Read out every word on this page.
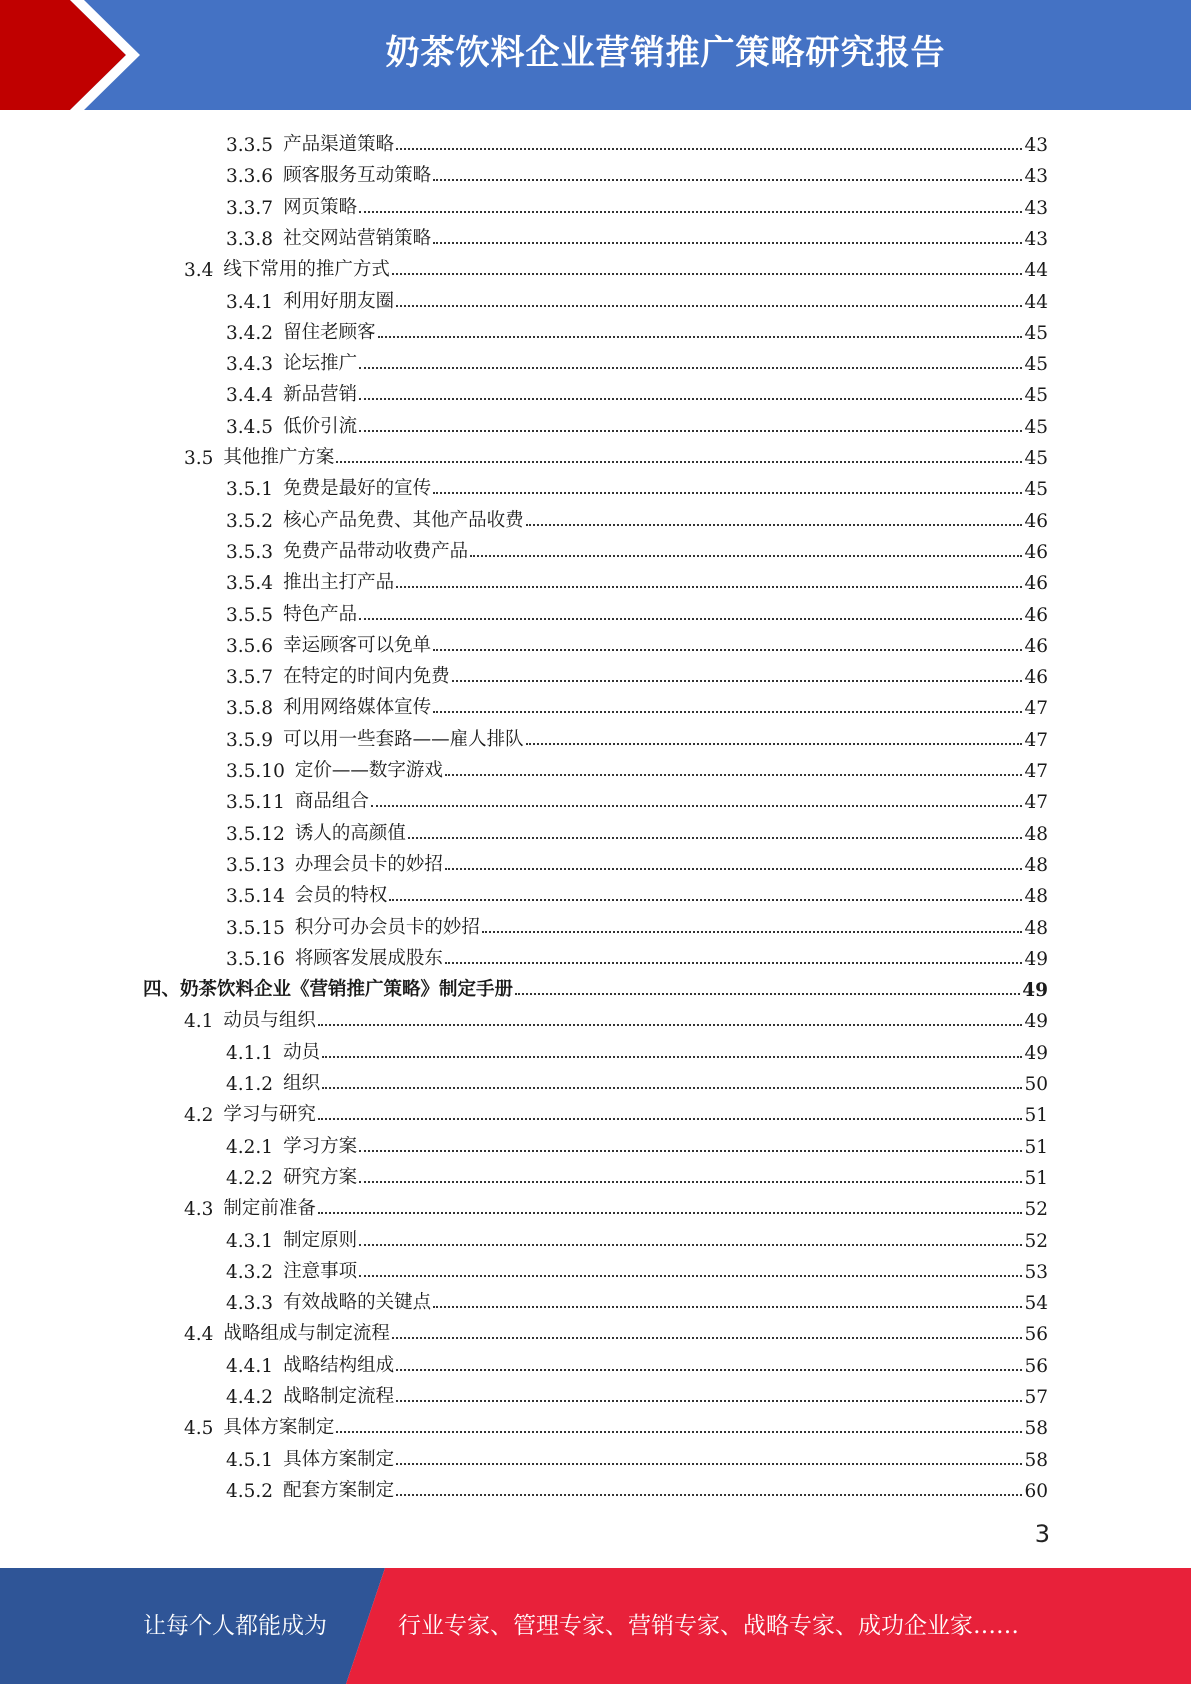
奶茶饮料企业营销推广策略研究报告
3.3.5 产品渠道策略	43
3.3.6 顾客服务互动策略	43
3.3.7 网页策略	43
3.3.8 社交网站营销策略	43
3.4 线下常用的推广方式	44
3.4.1 利用好朋友圈	44
3.4.2 留住老顾客	45
3.4.3 论坛推广	45
3.4.4 新品营销	45
3.4.5 低价引流	45
3.5 其他推广方案	45
3.5.1 免费是最好的宣传	45
3.5.2 核心产品免费、其他产品收费	46
3.5.3 免费产品带动收费产品	46
3.5.4 推出主打产品	46
3.5.5 特色产品	46
3.5.6 幸运顾客可以免单	46
3.5.7 在特定的时间内免费	46
3.5.8 利用网络媒体宣传	47
3.5.9 可以用一些套路——雇人排队	47
3.5.10 定价——数字游戏	47
3.5.11 商品组合	47
3.5.12 诱人的高颜值	48
3.5.13 办理会员卡的妙招	48
3.5.14 会员的特权	48
3.5.15 积分可办会员卡的妙招	48
3.5.16 将顾客发展成股东	49
四、奶茶饮料企业《营销推广策略》制定手册	49
4.1 动员与组织	49
4.1.1 动员	49
4.1.2 组织	50
4.2 学习与研究	51
4.2.1 学习方案	51
4.2.2 研究方案	51
4.3 制定前准备	52
4.3.1 制定原则	52
4.3.2 注意事项	53
4.3.3 有效战略的关键点	54
4.4 战略组成与制定流程	56
4.4.1 战略结构组成	56
4.4.2 战略制定流程	57
4.5 具体方案制定	58
4.5.1 具体方案制定	58
4.5.2 配套方案制定	60
3
让每个人都能成为	行业专家、管理专家、营销专家、战略专家、成功企业家……
